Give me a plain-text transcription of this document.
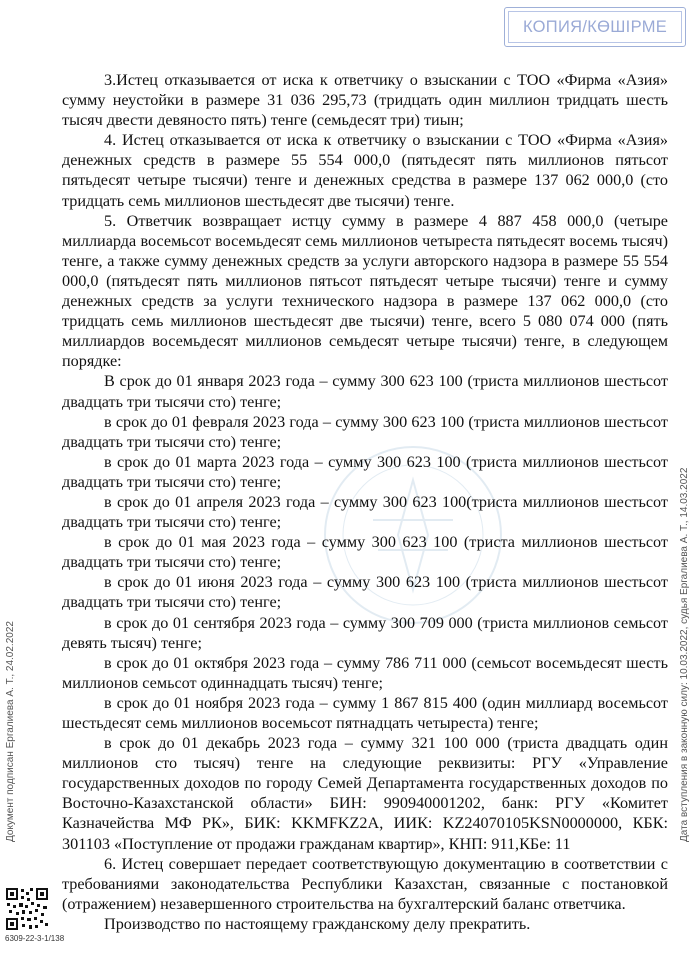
КОПИЯ/КӨШІРМЕ

3.Истец отказывается от иска к ответчику о взыскании с ТОО «Фирма «Азия» сумму неустойки в размере 31 036 295,73 (тридцать один миллион тридцать шесть тысяч двести девяносто пять) тенге (семьдесят три) тиын;

4. Истец отказывается от иска к ответчику о взыскании с ТОО «Фирма «Азия» денежных средств в размере 55 554 000,0 (пятьдесят пять миллионов пятьсот пятьдесят четыре тысячи) тенге и денежных средства в размере 137 062 000,0 (сто тридцать семь миллионов шестьдесят две тысячи) тенге.

5. Ответчик возвращает истцу сумму в размере 4 887 458 000,0 (четыре миллиарда восемьсот восемьдесят семь миллионов четыреста пятьдесят восемь тысяч) тенге, а также сумму денежных средств за услуги авторского надзора в размере 55 554 000,0 (пятьдесят пять миллионов пятьсот пятьдесят четыре тысячи) тенге и сумму денежных средств за услуги технического надзора в размере 137 062 000,0 (сто тридцать семь миллионов шестьдесят две тысячи) тенге, всего 5 080 074 000 (пять миллиардов восемьдесят миллионов семьдесят четыре тысячи) тенге, в следующем порядке:

В срок до 01 января 2023 года – сумму 300 623 100 (триста миллионов шестьсот двадцать три тысячи сто) тенге;

в срок до 01 февраля 2023 года – сумму 300 623 100 (триста миллионов шестьсот двадцать три тысячи сто) тенге;

в срок до 01 марта 2023 года – сумму 300 623 100 (триста миллионов шестьсот двадцать три тысячи сто) тенге;

в срок до 01 апреля 2023 года – сумму 300 623 100(триста миллионов шестьсот двадцать три тысячи сто) тенге;

в срок до 01 мая 2023 года – сумму 300 623 100 (триста миллионов шестьсот двадцать три тысячи сто) тенге;

в срок до 01 июня 2023 года – сумму 300 623 100 (триста миллионов шестьсот двадцать три тысячи сто) тенге;

в срок до 01 сентября 2023 года – сумму 300 709 000 (триста миллионов семьсот девять тысяч) тенге;

в срок до 01 октября 2023 года – сумму 786 711 000 (семьсот восемьдесят шесть миллионов семьсот одиннадцать тысяч) тенге;

в срок до 01 ноября 2023 года – сумму 1 867 815 400 (один миллиард восемьсот шестьдесят семь миллионов восемьсот пятнадцать четыреста) тенге;

в срок до 01 декабрь 2023 года – сумму 321 100 000 (триста двадцать один миллионов сто тысяч) тенге на следующие реквизиты: РГУ «Управление государственных доходов по городу Семей Департамента государственных доходов по Восточно-Казахстанской области» БИН: 990940001202, банк: РГУ «Комитет Казначейства МФ РК», БИК: KKMFKZ2A, ИИК: KZ24070105KSN0000000, КБК: 301103 «Поступление от продажи гражданам квартир», КНП: 911,КБе: 11

6. Истец совершает передает соответствующую документацию в соответствии с требованиями законодательства Республики Казахстан, связанные с постановкой (отражением) незавершенного строительства на бухгалтерский баланс ответчика.

Производство по настоящему гражданскому делу прекратить.

Документ подписан Ергалиева А. Т., 24.02.2022	Дата вступления в законную силу: 10.03.2022, судья Ергалиева А. Т., 14.03.2022
6309-22-3-1/138
